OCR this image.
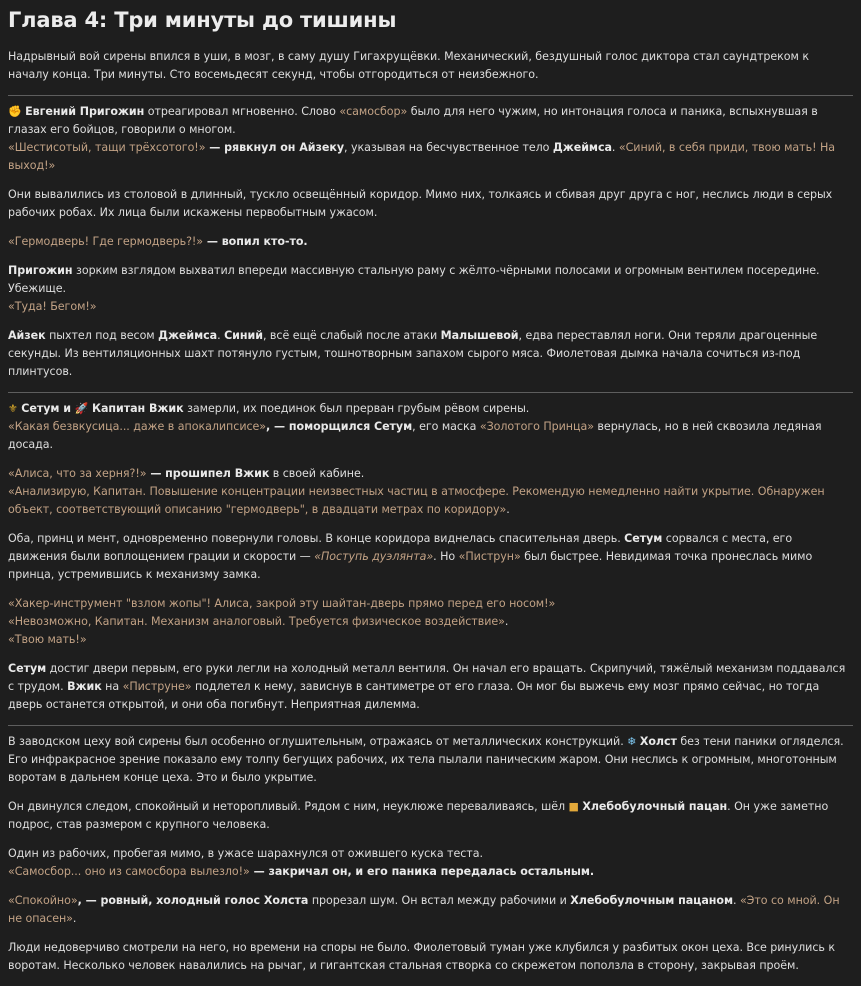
Глава 4: Три минуты до тишины

Надрывный вой сирены впился в уши, в мозг, в саму душу Гигахрущёвки. Механический, бездушный голос диктора стал саундтреком к началу конца. Три минуты. Сто восемьдесят секунд, чтобы отгородиться от неизбежного.

✊ Евгений Пригожин отреагировал мгновенно. Слово «самосбор» было для него чужим, но интонация голоса и паника, вспыхнувшая в глазах его бойцов, говорили о многом.
«Шестисотый, тащи трёхсотого!» — рявкнул он Айзеку, указывая на бесчувственное тело Джеймса. «Синий, в себя приди, твою мать! На выход!»

Они вывалились из столовой в длинный, тускло освещённый коридор. Мимо них, толкаясь и сбивая друг друга с ног, неслись люди в серых рабочих робах. Их лица были искажены первобытным ужасом.

«Гермодверь! Где гермодверь?!» — вопил кто-то.

Пригожин зорким взглядом выхватил впереди массивную стальную раму с жёлто-чёрными полосами и огромным вентилем посередине. Убежище.
«Туда! Бегом!»

Айзек пыхтел под весом Джеймса. Синий, всё ещё слабый после атаки Малышевой, едва переставлял ноги. Они теряли драгоценные секунды. Из вентиляционных шахт потянуло густым, тошнотворным запахом сырого мяса. Фиолетовая дымка начала сочиться из-под плинтусов.

⚜ Сетум и 🚀 Капитан Вжик замерли, их поединок был прерван грубым рёвом сирены.
«Какая безвкусица... даже в апокалипсисе», — поморщился Сетум, его маска «Золотого Принца» вернулась, но в ней сквозила ледяная досада.

«Алиса, что за херня?!» — прошипел Вжик в своей кабине.
«Анализирую, Капитан. Повышение концентрации неизвестных частиц в атмосфере. Рекомендую немедленно найти укрытие. Обнаружен объект, соответствующий описанию "гермодверь", в двадцати метрах по коридору».

Оба, принц и мент, одновременно повернули головы. В конце коридора виднелась спасительная дверь. Сетум сорвался с места, его движения были воплощением грации и скорости — «Поступь дуэлянта». Но «Пиструн» был быстрее. Невидимая точка пронеслась мимо принца, устремившись к механизму замка.

«Хакер-инструмент "взлом жопы"! Алиса, закрой эту шайтан-дверь прямо перед его носом!»
«Невозможно, Капитан. Механизм аналоговый. Требуется физическое воздействие».
«Твою мать!»

Сетум достиг двери первым, его руки легли на холодный металл вентиля. Он начал его вращать. Скрипучий, тяжёлый механизм поддавался с трудом. Вжик на «Пиструне» подлетел к нему, зависнув в сантиметре от его глаза. Он мог бы выжечь ему мозг прямо сейчас, но тогда дверь останется открытой, и они оба погибнут. Неприятная дилемма.

В заводском цеху вой сирены был особенно оглушительным, отражаясь от металлических конструкций. ❄ Холст без тени паники огляделся. Его инфракрасное зрение показало ему толпу бегущих рабочих, их тела пылали паническим жаром. Они неслись к огромным, многотонным воротам в дальнем конце цеха. Это и было укрытие.

Он двинулся следом, спокойный и неторопливый. Рядом с ним, неуклюже переваливаясь, шёл ■ Хлебобулочный пацан. Он уже заметно подрос, став размером с крупного человека.

Один из рабочих, пробегая мимо, в ужасе шарахнулся от ожившего куска теста.
«Самосбор... оно из самосбора вылезло!» — закричал он, и его паника передалась остальным.

«Спокойно», — ровный, холодный голос Холста прорезал шум. Он встал между рабочими и Хлебобулочным пацаном. «Это со мной. Он не опасен».

Люди недоверчиво смотрели на него, но времени на споры не было. Фиолетовый туман уже клубился у разбитых окон цеха. Все ринулись к воротам. Несколько человек навалились на рычаг, и гигантская стальная створка со скрежетом поползла в сторону, закрывая проём.
